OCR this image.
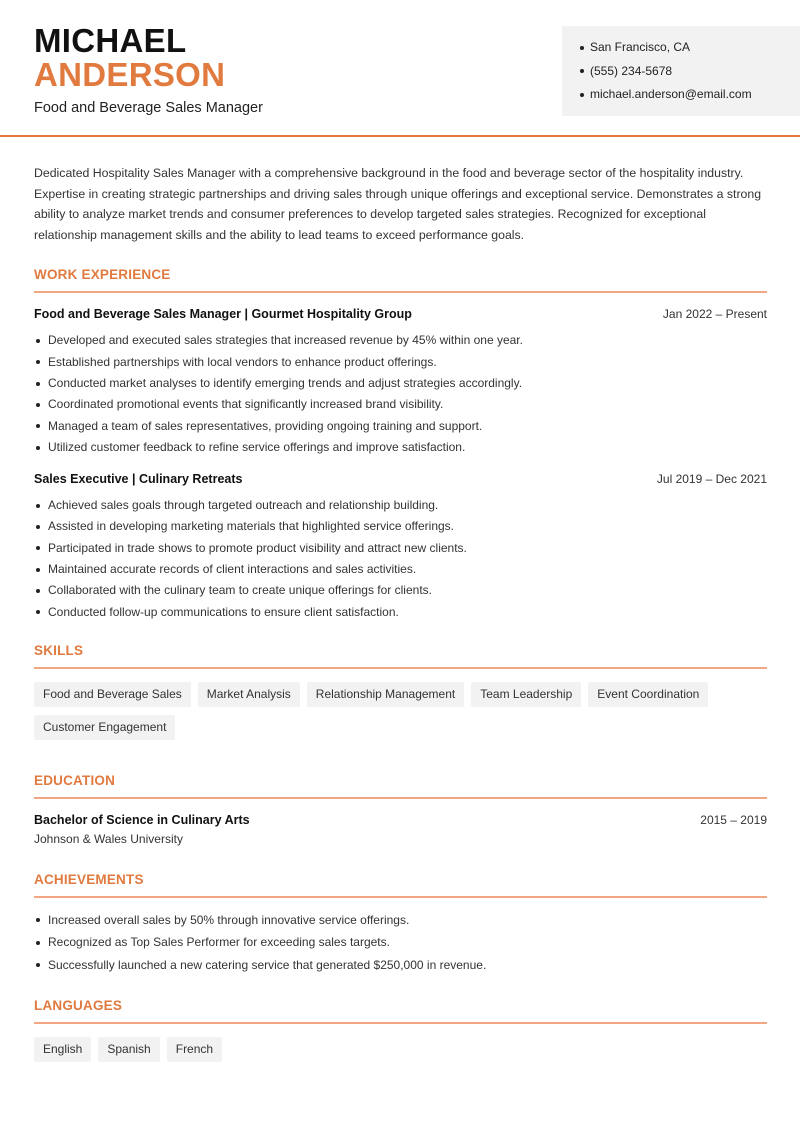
MICHAEL
ANDERSON
Food and Beverage Sales Manager
San Francisco, CA
(555) 234-5678
michael.anderson@email.com

Dedicated Hospitality Sales Manager with a comprehensive background in the food and beverage sector of the hospitality industry. Expertise in creating strategic partnerships and driving sales through unique offerings and exceptional service. Demonstrates a strong ability to analyze market trends and consumer preferences to develop targeted sales strategies. Recognized for exceptional relationship management skills and the ability to lead teams to exceed performance goals.

WORK EXPERIENCE
Food and Beverage Sales Manager | Gourmet Hospitality Group	Jan 2022 – Present
Developed and executed sales strategies that increased revenue by 45% within one year.
Established partnerships with local vendors to enhance product offerings.
Conducted market analyses to identify emerging trends and adjust strategies accordingly.
Coordinated promotional events that significantly increased brand visibility.
Managed a team of sales representatives, providing ongoing training and support.
Utilized customer feedback to refine service offerings and improve satisfaction.
Sales Executive | Culinary Retreats	Jul 2019 – Dec 2021
Achieved sales goals through targeted outreach and relationship building.
Assisted in developing marketing materials that highlighted service offerings.
Participated in trade shows to promote product visibility and attract new clients.
Maintained accurate records of client interactions and sales activities.
Collaborated with the culinary team to create unique offerings for clients.
Conducted follow-up communications to ensure client satisfaction.
SKILLS
Food and Beverage Sales	Market Analysis	Relationship Management	Team Leadership	Event Coordination
Customer Engagement
EDUCATION
Bachelor of Science in Culinary Arts	2015 – 2019
Johnson & Wales University
ACHIEVEMENTS
Increased overall sales by 50% through innovative service offerings.
Recognized as Top Sales Performer for exceeding sales targets.
Successfully launched a new catering service that generated $250,000 in revenue.
LANGUAGES
English	Spanish	French
